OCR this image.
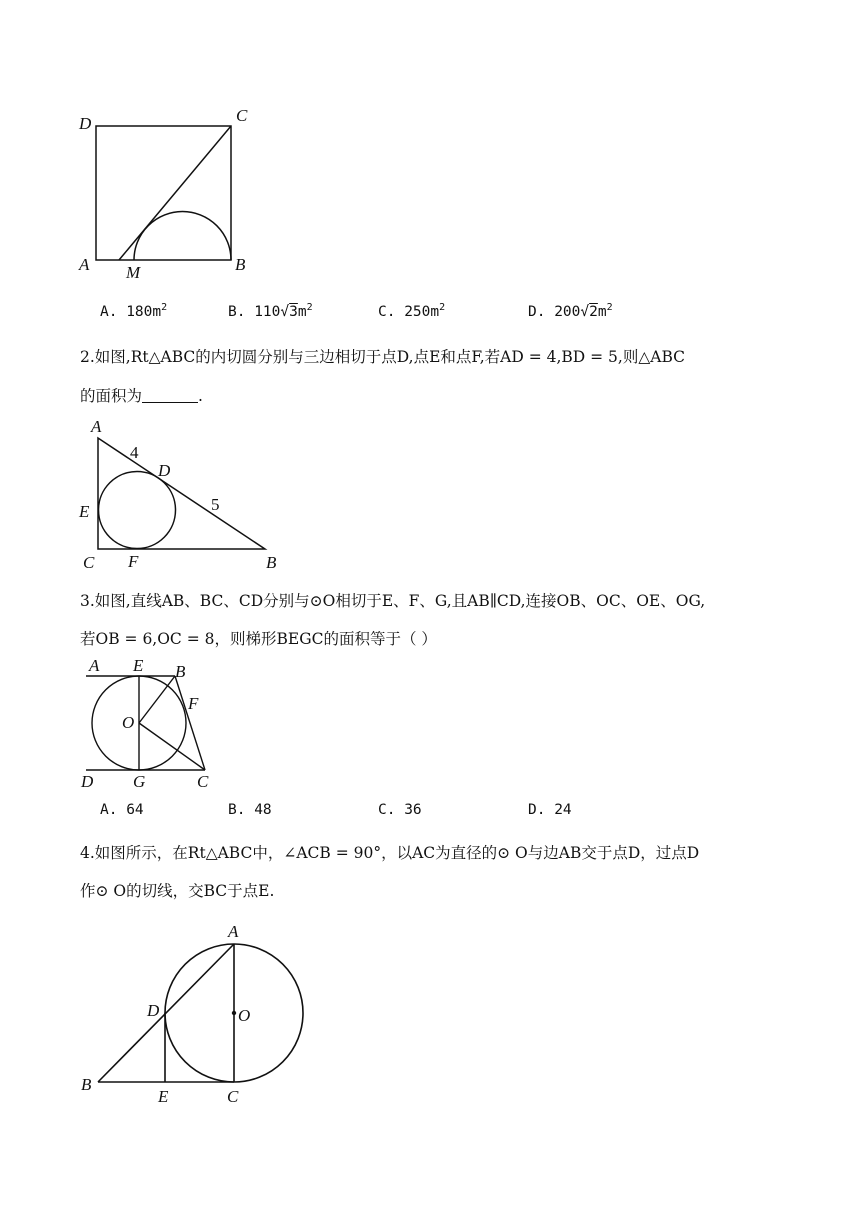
D	C
A M	B
A. $180m^2$	B. $110√3m^2$	C. $250m^2$	D. $200√2m^2$
2.如图,Rt△ABC的内切圆分别与三边相切于点D,点E和点F,若AD = 4,BD = 5,则△ABC
的面积为	.
A
4
D
E	5
C F	B
3.如图,直线AB、BC、CD分别与⊙O相切于E、F、G,且AB∥CD,连接OB、OC、OE、OG,
若OB = 6,OC = 8，则梯形BEGC的面积等于（ ）
A E B
F
O
D G	C
A. 64	B. 48	C. 36	D. 24
4.如图所示，在Rt△ABC中，∠ACB = 90°，以AC为直径的⊙ O与边AB交于点D，过点D
作⊙ O的切线，交BC于点E.
A
D	O
B
E	C
